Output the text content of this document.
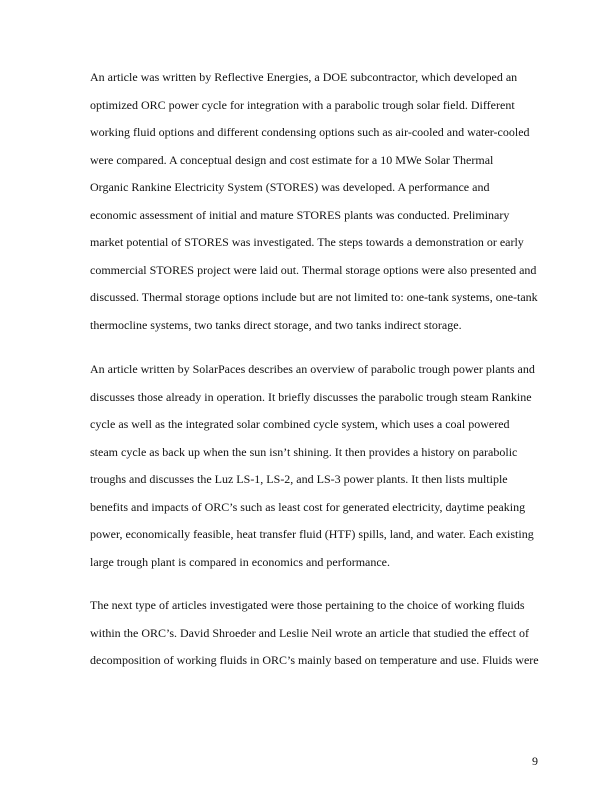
An article was written by Reflective Energies, a DOE subcontractor, which developed an
optimized ORC power cycle for integration with a parabolic trough solar field. Different
working fluid options and different condensing options such as air-cooled and water-cooled
were compared. A conceptual design and cost estimate for a 10 MWe Solar Thermal
Organic Rankine Electricity System (STORES) was developed. A performance and
economic assessment of initial and mature STORES plants was conducted. Preliminary
market potential of STORES was investigated. The steps towards a demonstration or early
commercial STORES project were laid out. Thermal storage options were also presented and
discussed. Thermal storage options include but are not limited to: one-tank systems, one-tank
thermocline systems, two tanks direct storage, and two tanks indirect storage.
An article written by SolarPaces describes an overview of parabolic trough power plants and
discusses those already in operation. It briefly discusses the parabolic trough steam Rankine
cycle as well as the integrated solar combined cycle system, which uses a coal powered
steam cycle as back up when the sun isn’t shining. It then provides a history on parabolic
troughs and discusses the Luz LS-1, LS-2, and LS-3 power plants. It then lists multiple
benefits and impacts of ORC’s such as least cost for generated electricity, daytime peaking
power, economically feasible, heat transfer fluid (HTF) spills, land, and water. Each existing
large trough plant is compared in economics and performance.
The next type of articles investigated were those pertaining to the choice of working fluids
within the ORC’s. David Shroeder and Leslie Neil wrote an article that studied the effect of
decomposition of working fluids in ORC’s mainly based on temperature and use. Fluids were
9
